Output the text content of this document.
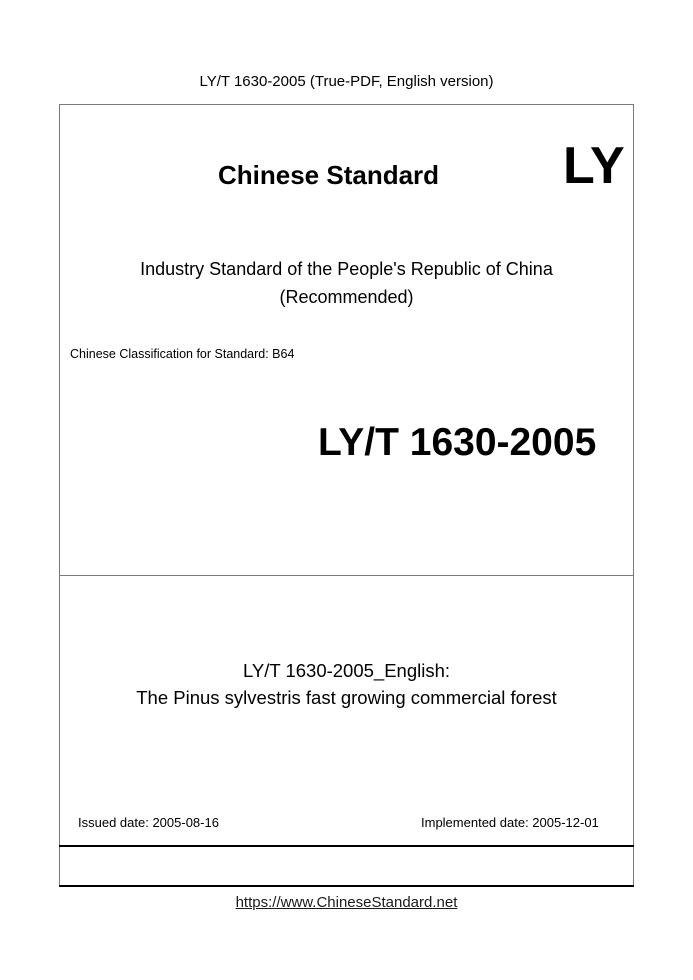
LY/T 1630-2005 (True-PDF, English version)
Chinese Standard LY
Industry Standard of the People's Republic of China
(Recommended)
Chinese Classification for Standard: B64
LY/T 1630-2005
LY/T 1630-2005_English:
The Pinus sylvestris fast growing commercial forest
Issued date: 2005-08-16	Implemented date: 2005-12-01
https://www.ChineseStandard.net
